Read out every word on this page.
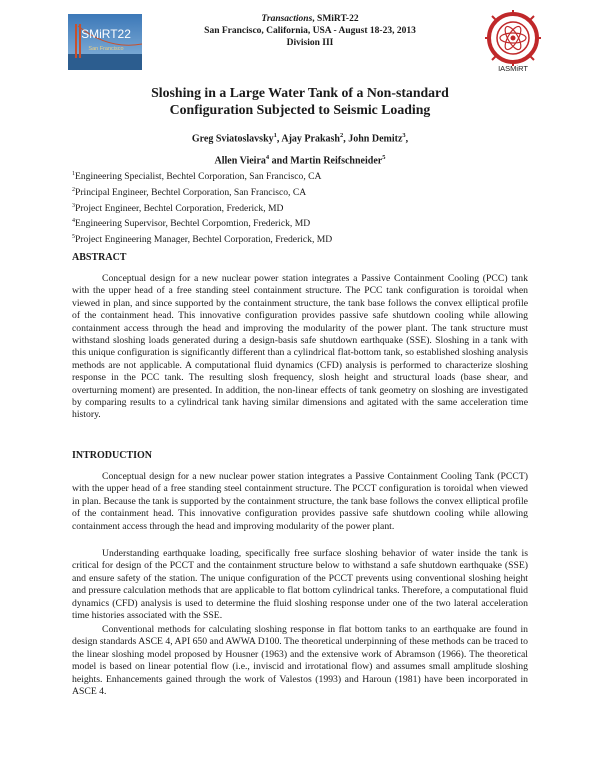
SMiRT22
San Francisco
Transactions, SMiRT-22
San Francisco, California, USA - August 18-23, 2013
Division III
IASMiRT
Sloshing in a Large Water Tank of a Non-standard
Configuration Subjected to Seismic Loading
Greg Sviatoslavsky$^1$, Ajay Prakash$^2$, John Demitz$^3$,
Allen Vieira$^4$ and Martin Reifschneider$^5$
$^1$Engineering Specialist, Bechtel Corporation, San Francisco, CA
$^2$Principal Engineer, Bechtel Corporation, San Francisco, CA
$^3$Project Engineer, Bechtel Corporation, Frederick, MD
$^4$Engineering Supervisor, Bechtel Corpomtion, Frederick, MD
$^5$Project Engineering Manager, Bechtel Corporation, Frederick, MD
ABSTRACT

Conceptual design for a new nuclear power station integrates a Passive Containment Cooling (PCC) tank with the upper head of a free standing steel containment structure. The PCC tank configuration is toroidal when viewed in plan, and since supported by the containment structure, the tank base follows the convex elliptical profile of the containment head. This innovative configuration provides passive safe shutdown cooling while allowing containment access through the head and improving the modularity of the power plant. The tank structure must withstand sloshing loads generated during a design-basis safe shutdown earthquake (SSE). Sloshing in a tank with this unique configuration is significantly different than a cylindrical flat-bottom tank, so established sloshing analysis methods are not applicable. A computational fluid dynamics (CFD) analysis is performed to characterize sloshing response in the PCC tank. The resulting slosh frequency, slosh height and structural loads (base shear, and overturning moment) are presented. In addition, the non-linear effects of tank geometry on sloshing are investigated by comparing results to a cylindrical tank having similar dimensions and agitated with the same acceleration time history.

INTRODUCTION

Conceptual design for a new nuclear power station integrates a Passive Containment Cooling Tank (PCCT) with the upper head of a free standing steel containment structure. The PCCT configuration is toroidal when viewed in plan. Because the tank is supported by the containment structure, the tank base follows the convex elliptical profile of the containment head. This innovative configuration provides passive safe shutdown cooling while allowing containment access through the head and improving modularity of the power plant.

Understanding earthquake loading, specifically free surface sloshing behavior of water inside the tank is critical for design of the PCCT and the containment structure below to withstand a safe shutdown earthquake (SSE) and ensure safety of the station. The unique configuration of the PCCT prevents using conventional sloshing height and pressure calculation methods that are applicable to flat bottom cylindrical tanks. Therefore, a computational fluid dynamics (CFD) analysis is used to determine the fluid sloshing response under one of the two lateral acceleration time histories associated with the SSE.

Conventional methods for calculating sloshing response in flat bottom tanks to an earthquake are found in design standards ASCE 4, API 650 and AWWA D100. The theoretical underpinning of these methods can be traced to the linear sloshing model proposed by Housner (1963) and the extensive work of Abramson (1966). The theoretical model is based on linear potential flow (i.e., inviscid and irrotational flow) and assumes small amplitude sloshing heights. Enhancements gained through the work of Valestos (1993) and Haroun (1981) have been incorporated in ASCE 4.
